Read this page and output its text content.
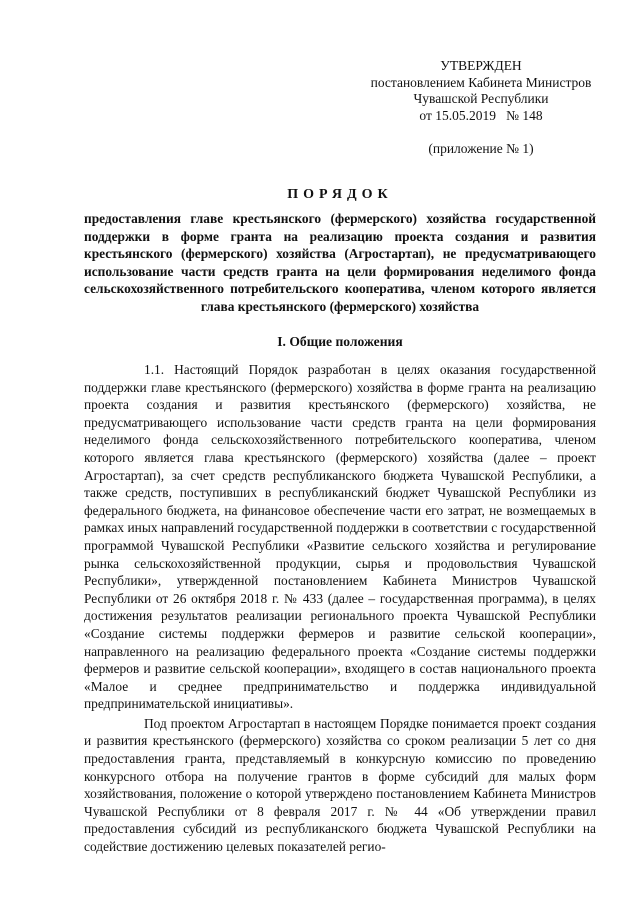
УТВЕРЖДЕН
постановлением Кабинета Министров
Чувашской Республики
от 15.05.2019   № 148
(приложение № 1)
ПОРЯДОК
предоставления главе крестьянского (фермерского) хозяйства государственной поддержки в форме гранта на реализацию проекта создания и развития крестьянского (фермерского) хозяйства (Агростартап), не предусматривающего использование части средств гранта на цели формирования неделимого фонда сельскохозяйственного потребительского кооператива, членом которого является глава крестьянского (фермерского) хозяйства
I. Общие положения

1.1. Настоящий Порядок разработан в целях оказания государственной поддержки главе крестьянского (фермерского) хозяйства в форме гранта на реализацию проекта создания и развития крестьянского (фермерского) хозяйства, не предусматривающего использование части средств гранта на цели формирования неделимого фонда сельскохозяйственного потребительского кооператива, членом которого является глава крестьянского (фермерского) хозяйства (далее – проект Агростартап), за счет средств республиканского бюджета Чувашской Республики, а также средств, поступивших в республиканский бюджет Чувашской Республики из федерального бюджета, на финансовое обеспечение части его затрат, не возмещаемых в рамках иных направлений государственной поддержки в соответствии с государственной программой Чувашской Республики «Развитие сельского хозяйства и регулирование рынка сельскохозяйственной продукции, сырья и продовольствия Чувашской Республики», утвержденной постановлением Кабинета Министров Чувашской Республики от 26 октября 2018 г. № 433 (далее – государственная программа), в целях достижения результатов реализации регионального проекта Чувашской Республики «Создание системы поддержки фермеров и развитие сельской кооперации», направленного на реализацию федерального проекта «Создание системы поддержки фермеров и развитие сельской кооперации», входящего в состав национального проекта «Малое и среднее предпринимательство и поддержка индивидуальной предпринимательской инициативы».

Под проектом Агростартап в настоящем Порядке понимается проект создания и развития крестьянского (фермерского) хозяйства со сроком реализации 5 лет со дня предоставления гранта, представляемый в конкурсную комиссию по проведению конкурсного отбора на получение грантов в форме субсидий для малых форм хозяйствования, положение о которой утверждено постановлением Кабинета Министров Чувашской Республики от 8 февраля 2017 г. № 44 «Об утверждении правил предоставления субсидий из республиканского бюджета Чувашской Республики на содействие достижению целевых показателей регио-
